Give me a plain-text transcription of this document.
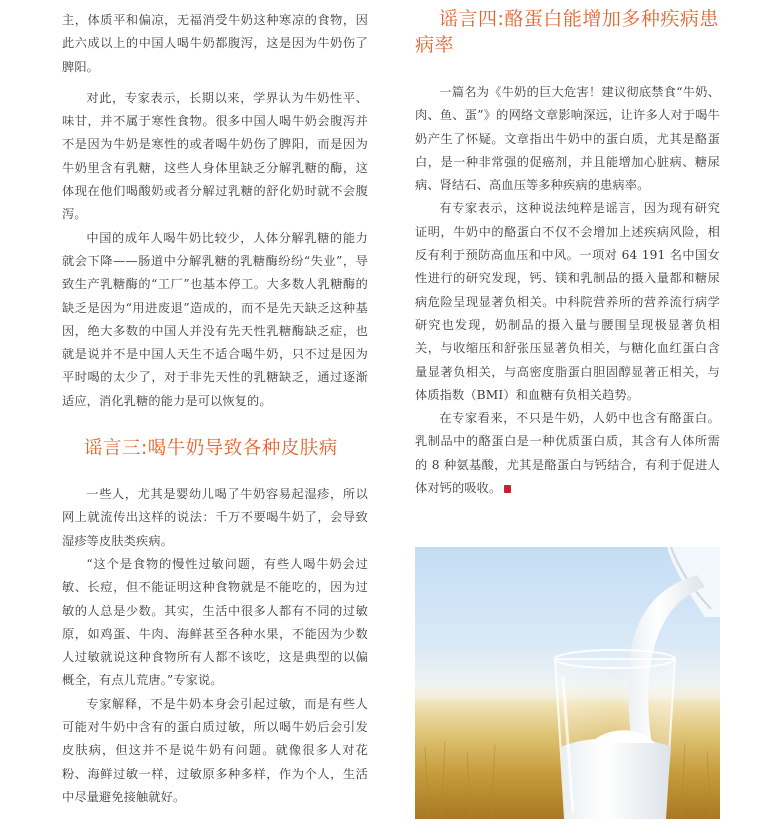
主，体质平和偏凉，无福消受牛奶这种寒凉的食物，因此六成以上的中国人喝牛奶都腹泻，这是因为牛奶伤了脾阳。

对此，专家表示，长期以来，学界认为牛奶性平、味甘，并不属于寒性食物。很多中国人喝牛奶会腹泻并不是因为牛奶是寒性的或者喝牛奶伤了脾阳，而是因为牛奶里含有乳糖，这些人身体里缺乏分解乳糖的酶，这体现在他们喝酸奶或者分解过乳糖的舒化奶时就不会腹泻。

中国的成年人喝牛奶比较少，人体分解乳糖的能力就会下降——肠道中分解乳糖的乳糖酶纷纷“失业”，导致生产乳糖酶的“工厂”也基本停工。大多数人乳糖酶的缺乏是因为“用进废退”造成的，而不是先天缺乏这种基因，绝大多数的中国人并没有先天性乳糖酶缺乏症，也就是说并不是中国人天生不适合喝牛奶，只不过是因为平时喝的太少了，对于非先天性的乳糖缺乏，通过逐渐适应，消化乳糖的能力是可以恢复的。

谣言三:喝牛奶导致各种皮肤病

一些人，尤其是婴幼儿喝了牛奶容易起湿疹，所以网上就流传出这样的说法：千万不要喝牛奶了，会导致湿疹等皮肤类疾病。

“这个是食物的慢性过敏问题，有些人喝牛奶会过敏、长痘，但不能证明这种食物就是不能吃的，因为过敏的人总是少数。其实，生活中很多人都有不同的过敏原，如鸡蛋、牛肉、海鲜甚至各种水果，不能因为少数人过敏就说这种食物所有人都不该吃，这是典型的以偏概全，有点儿荒唐。”专家说。

专家解释，不是牛奶本身会引起过敏，而是有些人可能对牛奶中含有的蛋白质过敏，所以喝牛奶后会引发皮肤病，但这并不是说牛奶有问题。就像很多人对花粉、海鲜过敏一样，过敏原多种多样，作为个人，生活中尽量避免接触就好。

谣言四:酪蛋白能增加多种疾病患病率

一篇名为《牛奶的巨大危害！建议彻底禁食“牛奶、肉、鱼、蛋”》的网络文章影响深远，让许多人对于喝牛奶产生了怀疑。文章指出牛奶中的蛋白质，尤其是酪蛋白，是一种非常强的促癌剂，并且能增加心脏病、糖尿病、肾结石、高血压等多种疾病的患病率。

有专家表示，这种说法纯粹是谣言，因为现有研究证明，牛奶中的酪蛋白不仅不会增加上述疾病风险，相反有利于预防高血压和中风。一项对 64 191 名中国女性进行的研究发现，钙、镁和乳制品的摄入量都和糖尿病危险呈现显著负相关。中科院营养所的营养流行病学研究也发现，奶制品的摄入量与腰围呈现极显著负相关，与收缩压和舒张压显著负相关，与糖化血红蛋白含量显著负相关，与高密度脂蛋白胆固醇显著正相关，与体质指数（BMI）和血糖有负相关趋势。

在专家看来，不只是牛奶，人奶中也含有酪蛋白。乳制品中的酪蛋白是一种优质蛋白质，其含有人体所需的 8 种氨基酸，尤其是酪蛋白与钙结合，有利于促进人体对钙的吸收。
